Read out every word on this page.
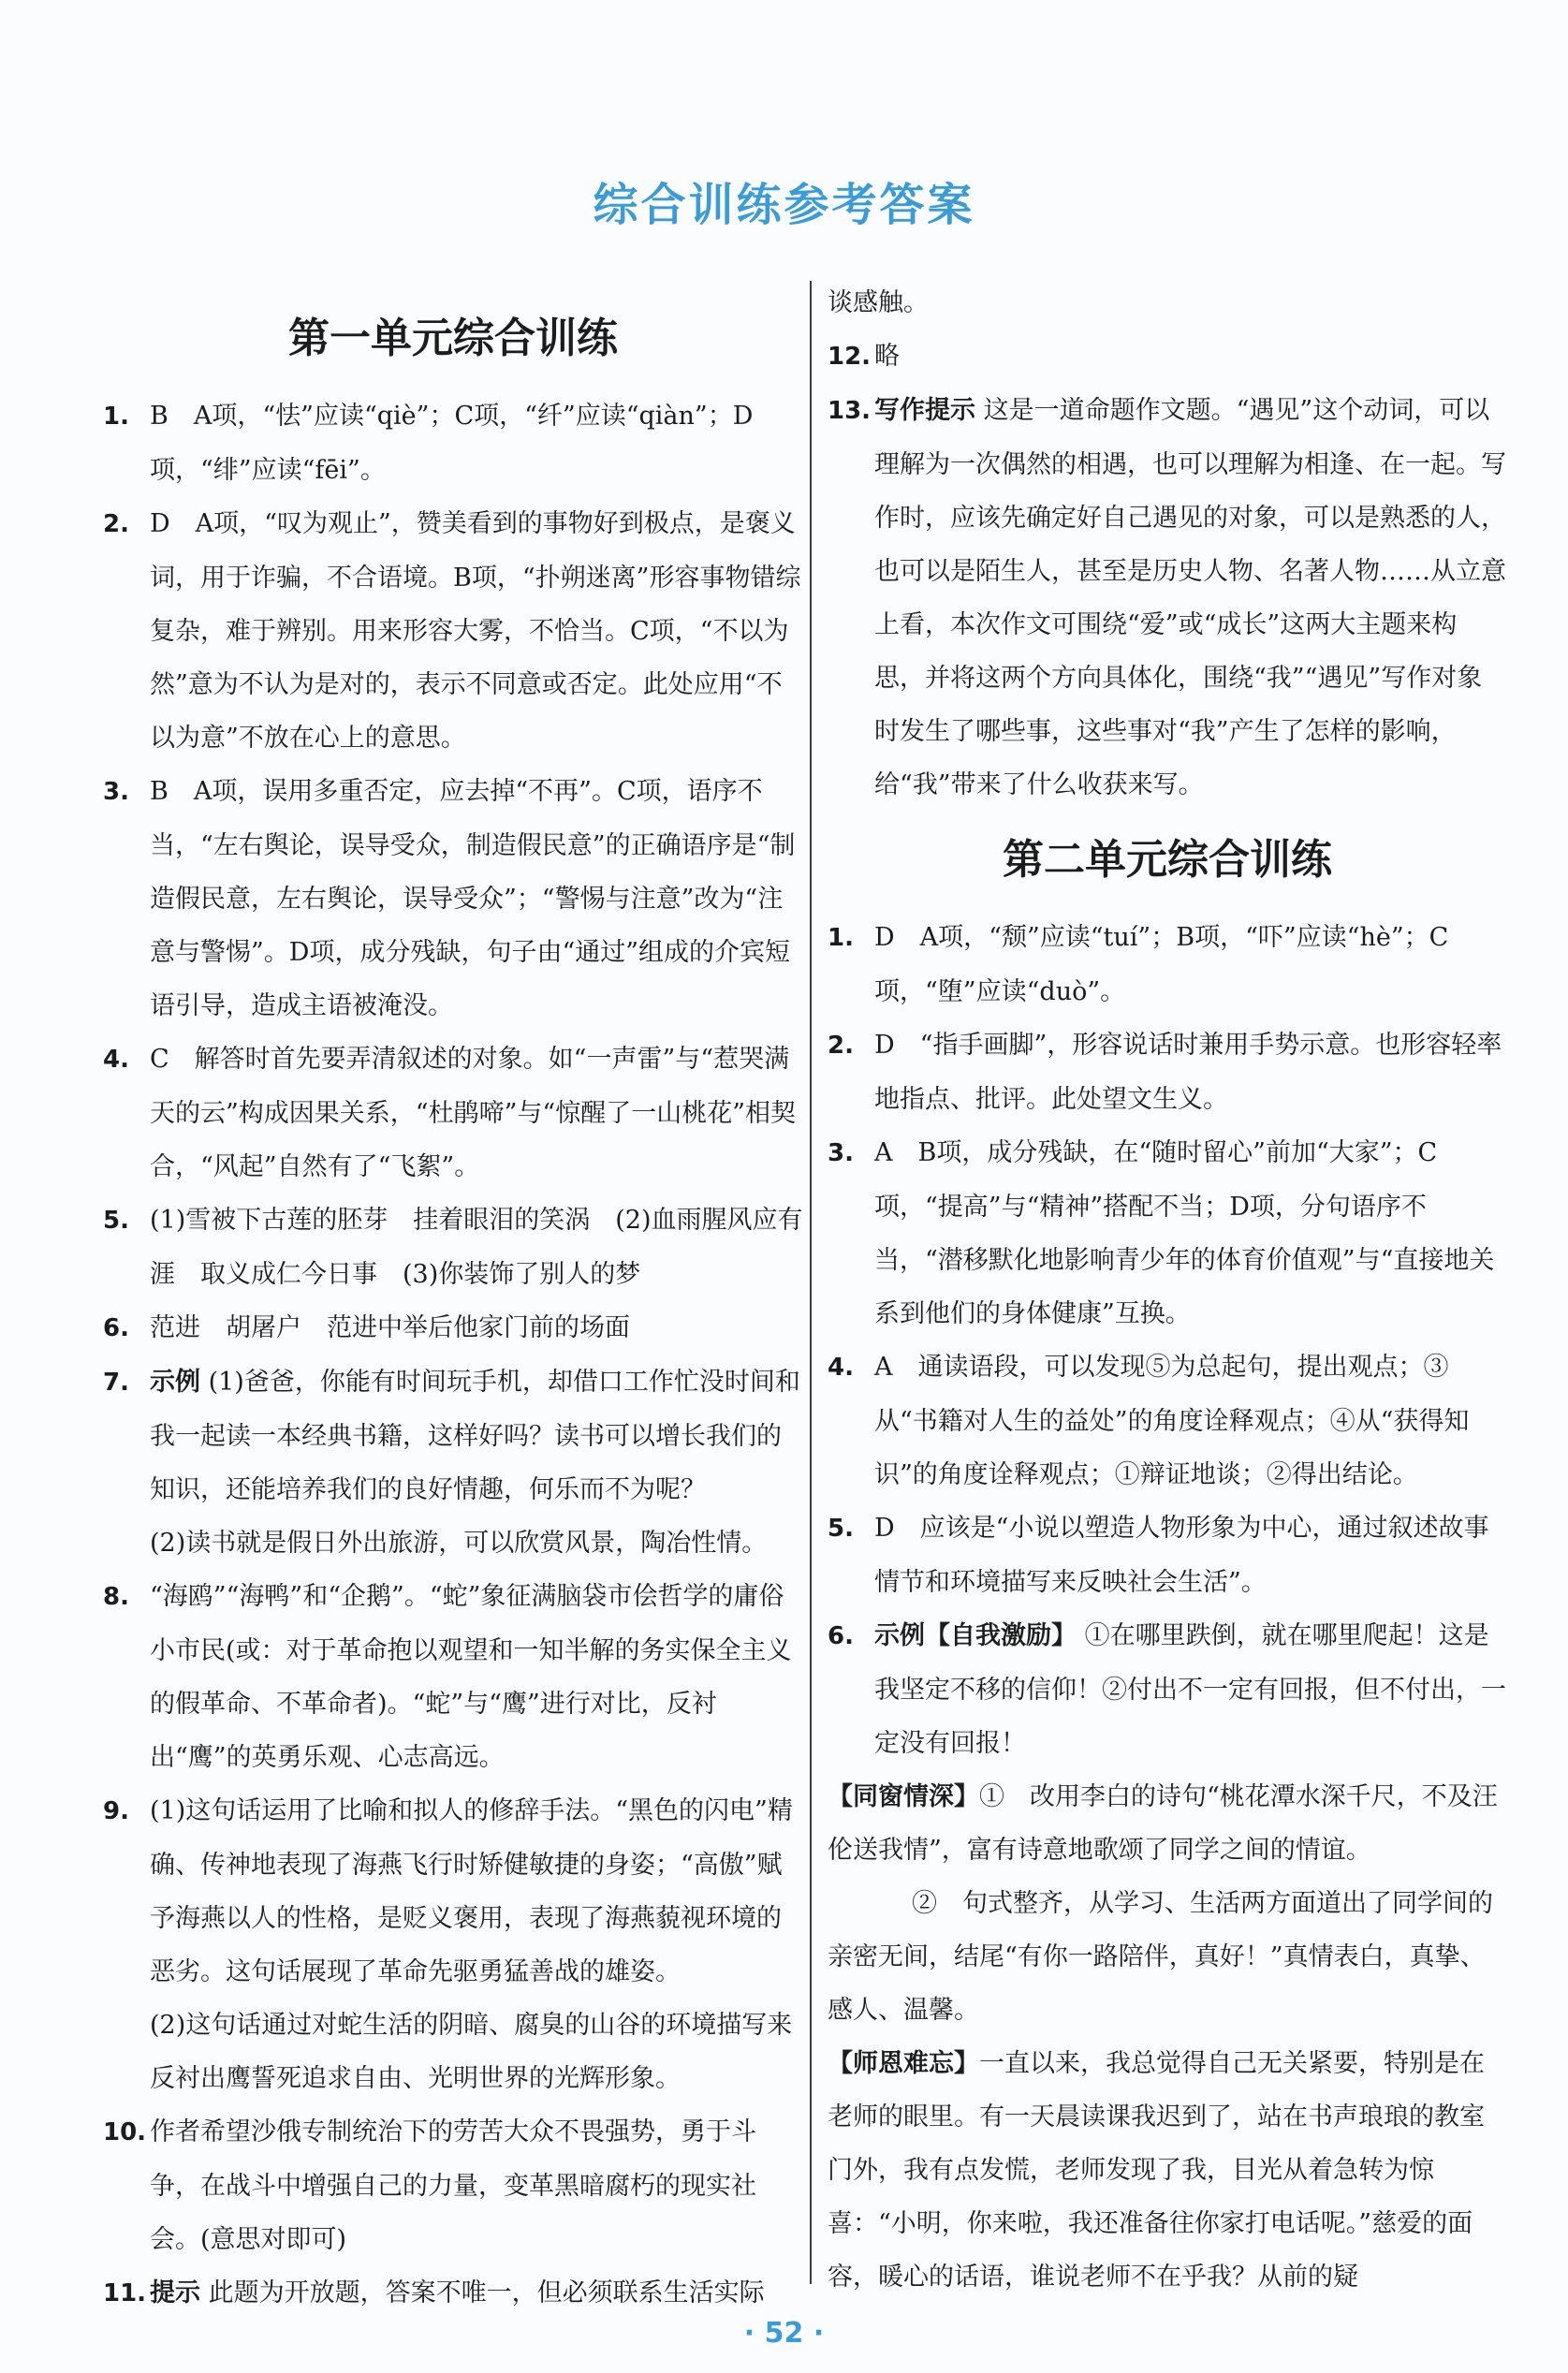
综合训练参考答案
第一单元综合训练
1. B　A项，“怯”应读“qiè”；C项，“纤”应读“qiàn”；D项，“绯”应读“fēi”。
2. D　A项，“叹为观止”，赞美看到的事物好到极点，是褒义词，用于诈骗，不合语境。B项，“扑朔迷离”形容事物错综复杂，难于辨别。用来形容大雾，不恰当。C项，“不以为然”意为不认为是对的，表示不同意或否定。此处应用“不以为意”不放在心上的意思。
3. B　A项，误用多重否定，应去掉“不再”。C项，语序不当，“左右舆论，误导受众，制造假民意”的正确语序是“制造假民意，左右舆论，误导受众”；“警惕与注意”改为“注意与警惕”。D项，成分残缺，句子由“通过”组成的介宾短语引导，造成主语被淹没。
4. C　解答时首先要弄清叙述的对象。如“一声雷”与“惹哭满天的云”构成因果关系，“杜鹃啼”与“惊醒了一山桃花”相契合，“风起”自然有了“飞絮”。
5. (1)雪被下古莲的胚芽　挂着眼泪的笑涡　(2)血雨腥风应有涯　取义成仁今日事　(3)你装饰了别人的梦
6. 范进　胡屠户　范进中举后他家门前的场面
7. 示例 (1)爸爸，你能有时间玩手机，却借口工作忙没时间和我一起读一本经典书籍，这样好吗？读书可以增长我们的知识，还能培养我们的良好情趣，何乐而不为呢？
(2)读书就是假日外出旅游，可以欣赏风景，陶冶性情。
8. “海鸥”“海鸭”和“企鹅”。“蛇”象征满脑袋市侩哲学的庸俗小市民(或：对于革命抱以观望和一知半解的务实保全主义的假革命、不革命者)。“蛇”与“鹰”进行对比，反衬出“鹰”的英勇乐观、心志高远。
9. (1)这句话运用了比喻和拟人的修辞手法。“黑色的闪电”精确、传神地表现了海燕飞行时矫健敏捷的身姿；“高傲”赋予海燕以人的性格，是贬义褒用，表现了海燕藐视环境的恶劣。这句话展现了革命先驱勇猛善战的雄姿。
(2)这句话通过对蛇生活的阴暗、腐臭的山谷的环境描写来反衬出鹰誓死追求自由、光明世界的光辉形象。
10. 作者希望沙俄专制统治下的劳苦大众不畏强势，勇于斗争，在战斗中增强自己的力量，变革黑暗腐朽的现实社会。(意思对即可)
11. 提示 此题为开放题，答案不唯一，但必须联系生活实际
谈感触。
12. 略
13. 写作提示 这是一道命题作文题。“遇见”这个动词，可以理解为一次偶然的相遇，也可以理解为相逢、在一起。写作时，应该先确定好自己遇见的对象，可以是熟悉的人，也可以是陌生人，甚至是历史人物、名著人物……从立意上看，本次作文可围绕“爱”或“成长”这两大主题来构思，并将这两个方向具体化，围绕“我”“遇见”写作对象时发生了哪些事，这些事对“我”产生了怎样的影响，给“我”带来了什么收获来写。
第二单元综合训练
1. D　A项，“颓”应读“tuí”；B项，“吓”应读“hè”；C项，“堕”应读“duò”。
2. D　“指手画脚”，形容说话时兼用手势示意。也形容轻率地指点、批评。此处望文生义。
3. A　B项，成分残缺，在“随时留心”前加“大家”；C项，“提高”与“精神”搭配不当；D项，分句语序不当，“潜移默化地影响青少年的体育价值观”与“直接地关系到他们的身体健康”互换。
4. A　通读语段，可以发现⑤为总起句，提出观点；③从“书籍对人生的益处”的角度诠释观点；④从“获得知识”的角度诠释观点；①辩证地谈；②得出结论。
5. D　应该是“小说以塑造人物形象为中心，通过叙述故事情节和环境描写来反映社会生活”。
6. 示例【自我激励】 ①在哪里跌倒，就在哪里爬起！这是我坚定不移的信仰！②付出不一定有回报，但不付出，一定没有回报！
【同窗情深】①　改用李白的诗句“桃花潭水深千尺，不及汪伦送我情”，富有诗意地歌颂了同学之间的情谊。
②　句式整齐，从学习、生活两方面道出了同学间的亲密无间，结尾“有你一路陪伴，真好！”真情表白，真挚、感人、温馨。
【师恩难忘】一直以来，我总觉得自己无关紧要，特别是在老师的眼里。有一天晨读课我迟到了，站在书声琅琅的教室门外，我有点发慌，老师发现了我，目光从着急转为惊喜：“小明，你来啦，我还准备往你家打电话呢。”慈爱的面容，暖心的话语，谁说老师不在乎我？从前的疑
· 52 ·
